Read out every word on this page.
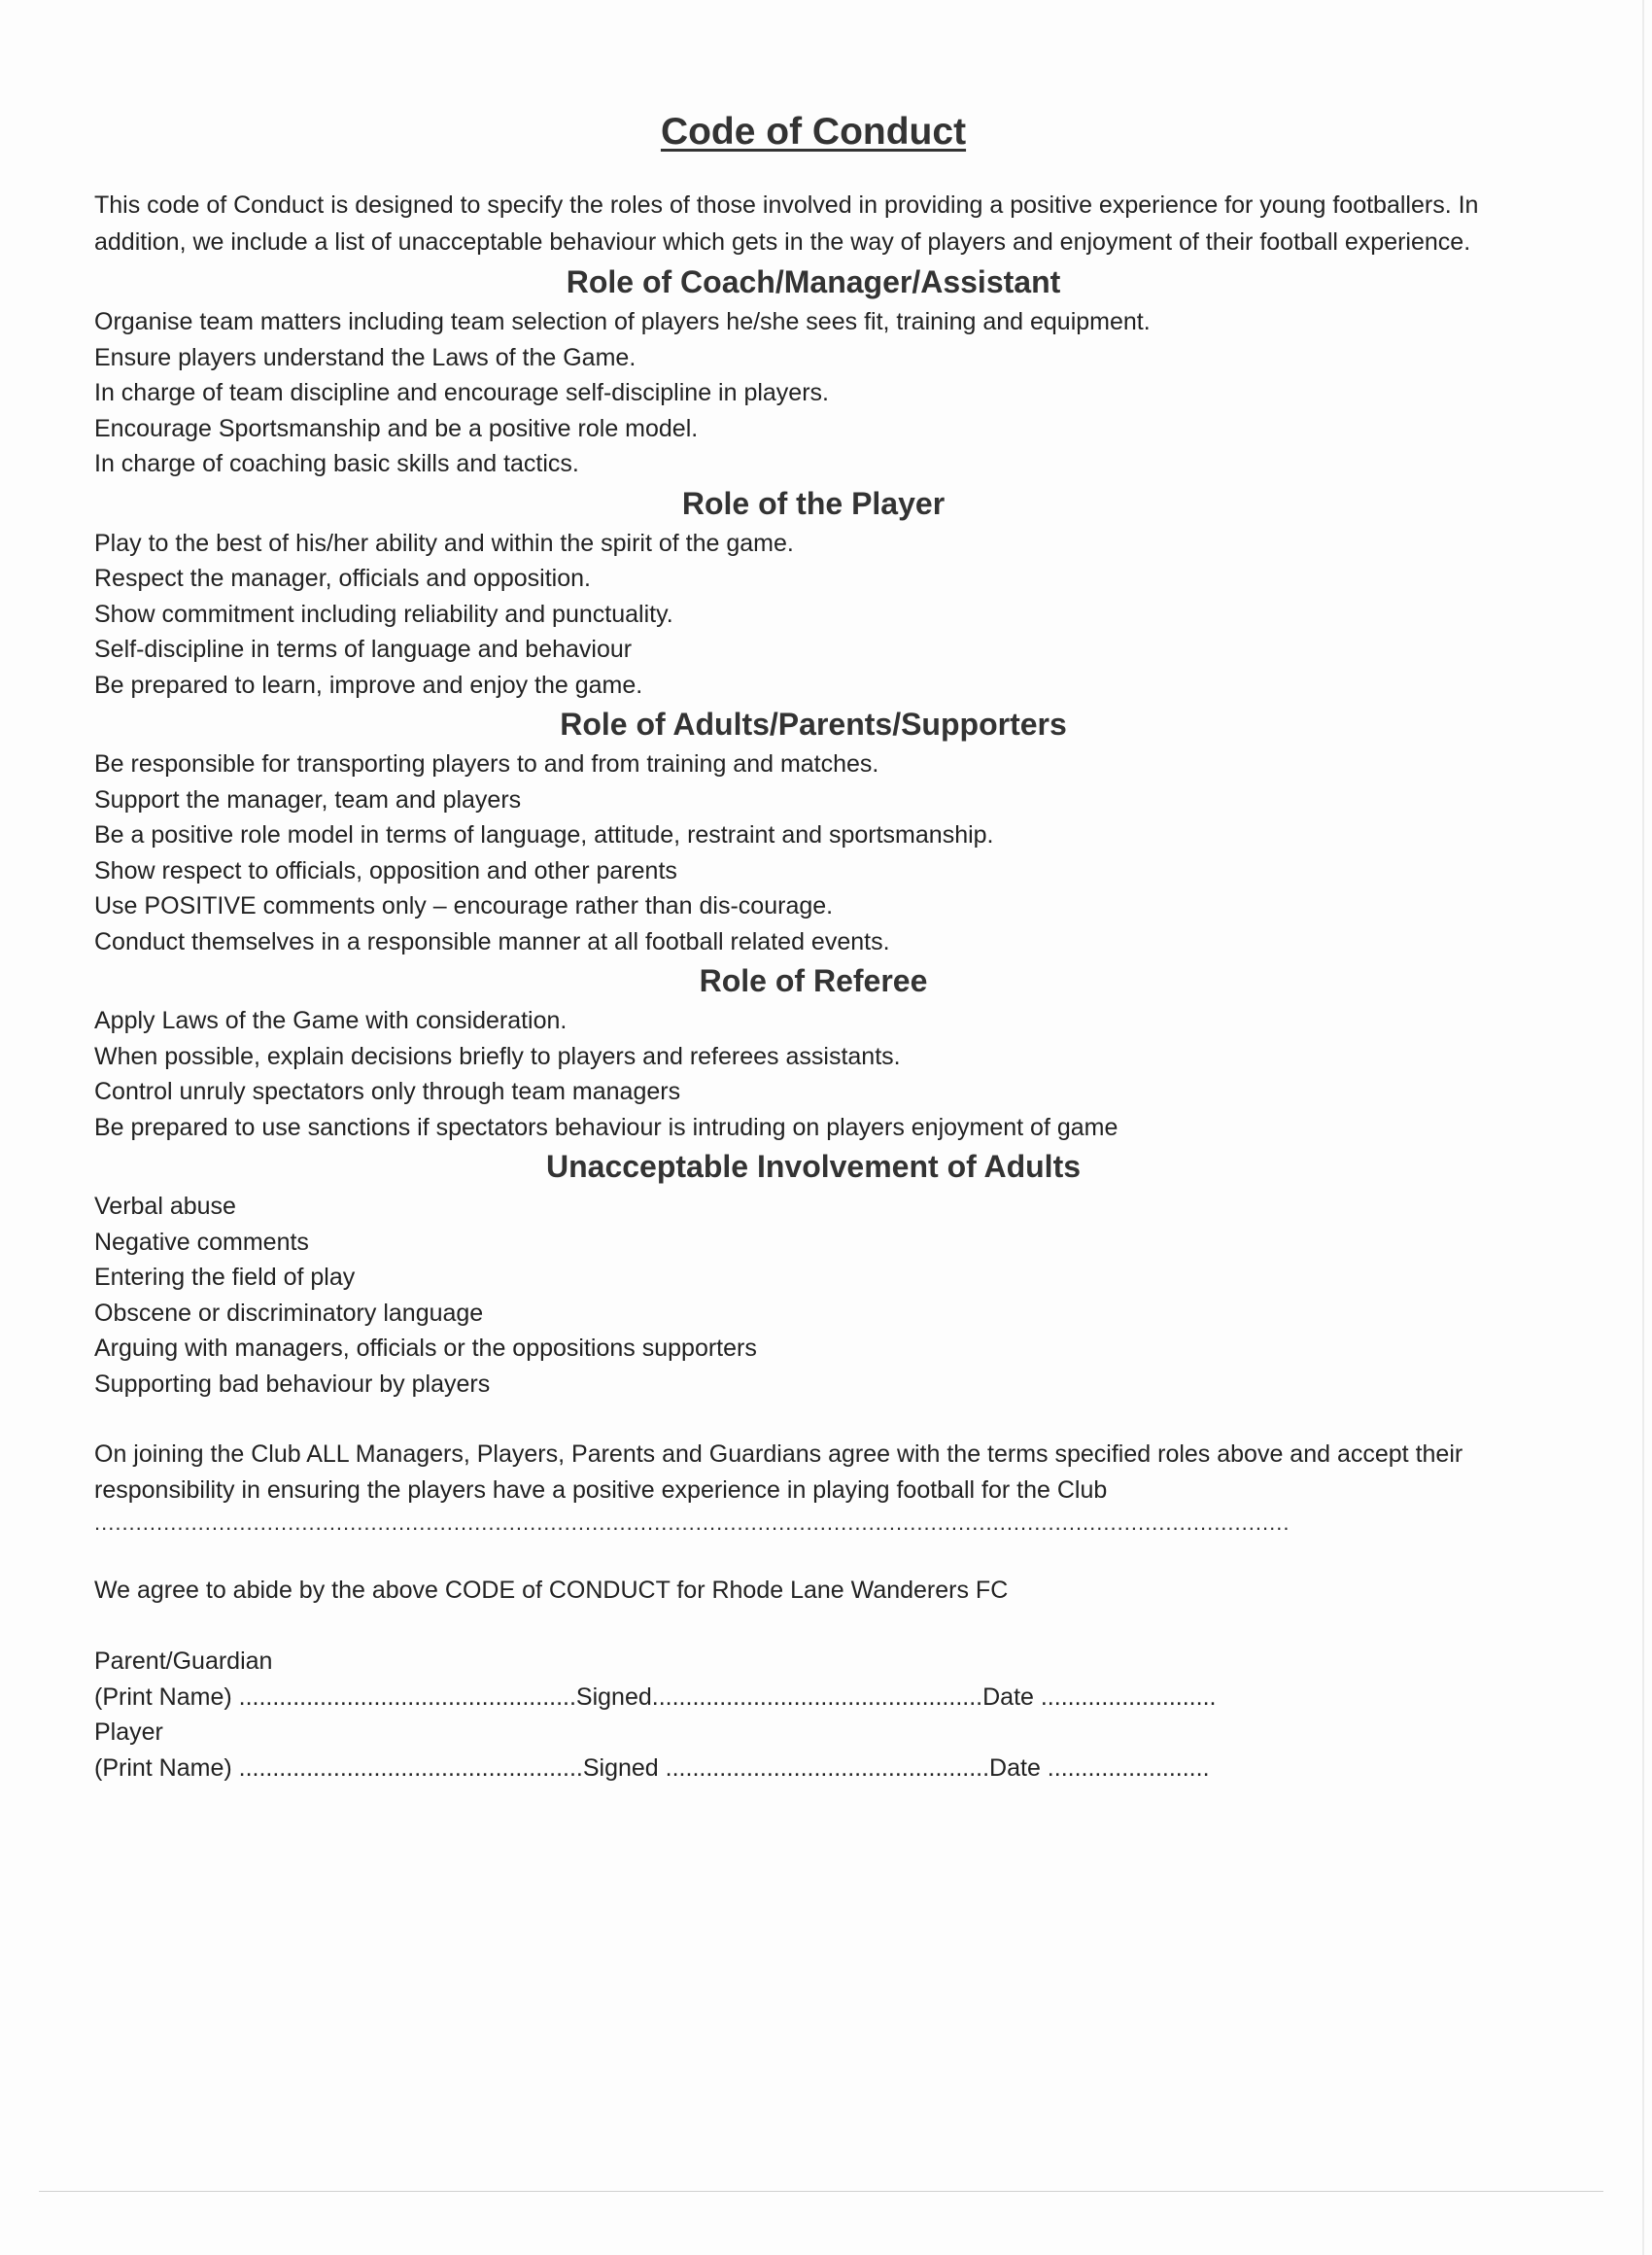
Code of Conduct

This code of Conduct is designed to specify the roles of those involved in providing a positive experience for young footballers. In addition, we include a list of unacceptable behaviour which gets in the way of players and enjoyment of their football experience.

Role of Coach/Manager/Assistant

Organise team matters including team selection of players he/she sees fit, training and equipment.

Ensure players understand the Laws of the Game.

In charge of team discipline and encourage self-discipline in players.

Encourage Sportsmanship and be a positive role model.

In charge of coaching basic skills and tactics.

Role of the Player

Play to the best of his/her ability and within the spirit of the game.

Respect the manager, officials and opposition.

Show commitment including reliability and punctuality.

Self-discipline in terms of language and behaviour

Be prepared to learn, improve and enjoy the game.

Role of Adults/Parents/Supporters

Be responsible for transporting players to and from training and matches.

Support the manager, team and players

Be a positive role model in terms of language, attitude, restraint and sportsmanship.

Show respect to officials, opposition and other parents

Use POSITIVE comments only – encourage rather than dis-courage.

Conduct themselves in a responsible manner at all football related events.

Role of Referee

Apply Laws of the Game with consideration.

When possible, explain decisions briefly to players and referees assistants.

Control unruly spectators only through team managers

Be prepared to use sanctions if spectators behaviour is intruding on players enjoyment of game

Unacceptable Involvement of Adults

Verbal abuse

Negative comments

Entering the field of play

Obscene or discriminatory language

Arguing with managers, officials or the oppositions supporters

Supporting bad behaviour by players

On joining the Club ALL Managers, Players, Parents and Guardians agree with the terms specified roles above and accept their responsibility in ensuring the players have a positive experience in playing football for the Club

.............................................................................................................................................................................

We agree to abide by the above CODE of CONDUCT for Rhode Lane Wanderers FC

Parent/Guardian
(Print Name) ..................................................Signed.................................................Date ..........................
Player
(Print Name) ...................................................Signed ................................................Date ........................
